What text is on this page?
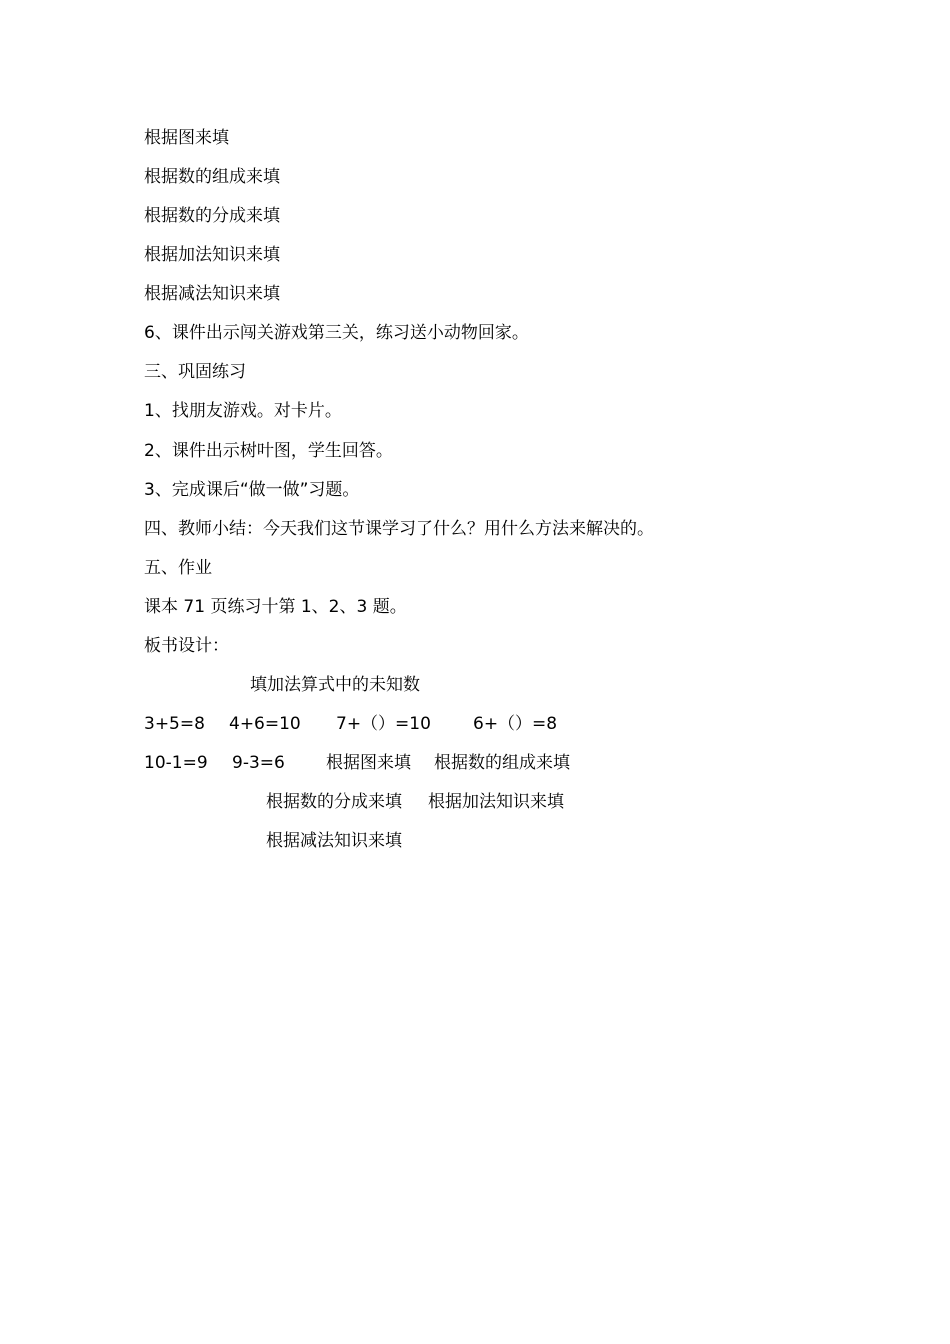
根据图来填
根据数的组成来填
根据数的分成来填
根据加法知识来填
根据减法知识来填
6、课件出示闯关游戏第三关，练习送小动物回家。
三、巩固练习
1、找朋友游戏。对卡片。
2、课件出示树叶图，学生回答。
3、完成课后“做一做”习题。
四、教师小结：今天我们这节课学习了什么？用什么方法来解决的。
五、作业
课本 71 页练习十第 1、2、3 题。
板书设计：
填加法算式中的未知数
3+5=8 4+6=10 7+（）=10 6+（）=8
10-1=9 9-3=6 根据图来填 根据数的组成来填
根据数的分成来填 根据加法知识来填
根据减法知识来填
